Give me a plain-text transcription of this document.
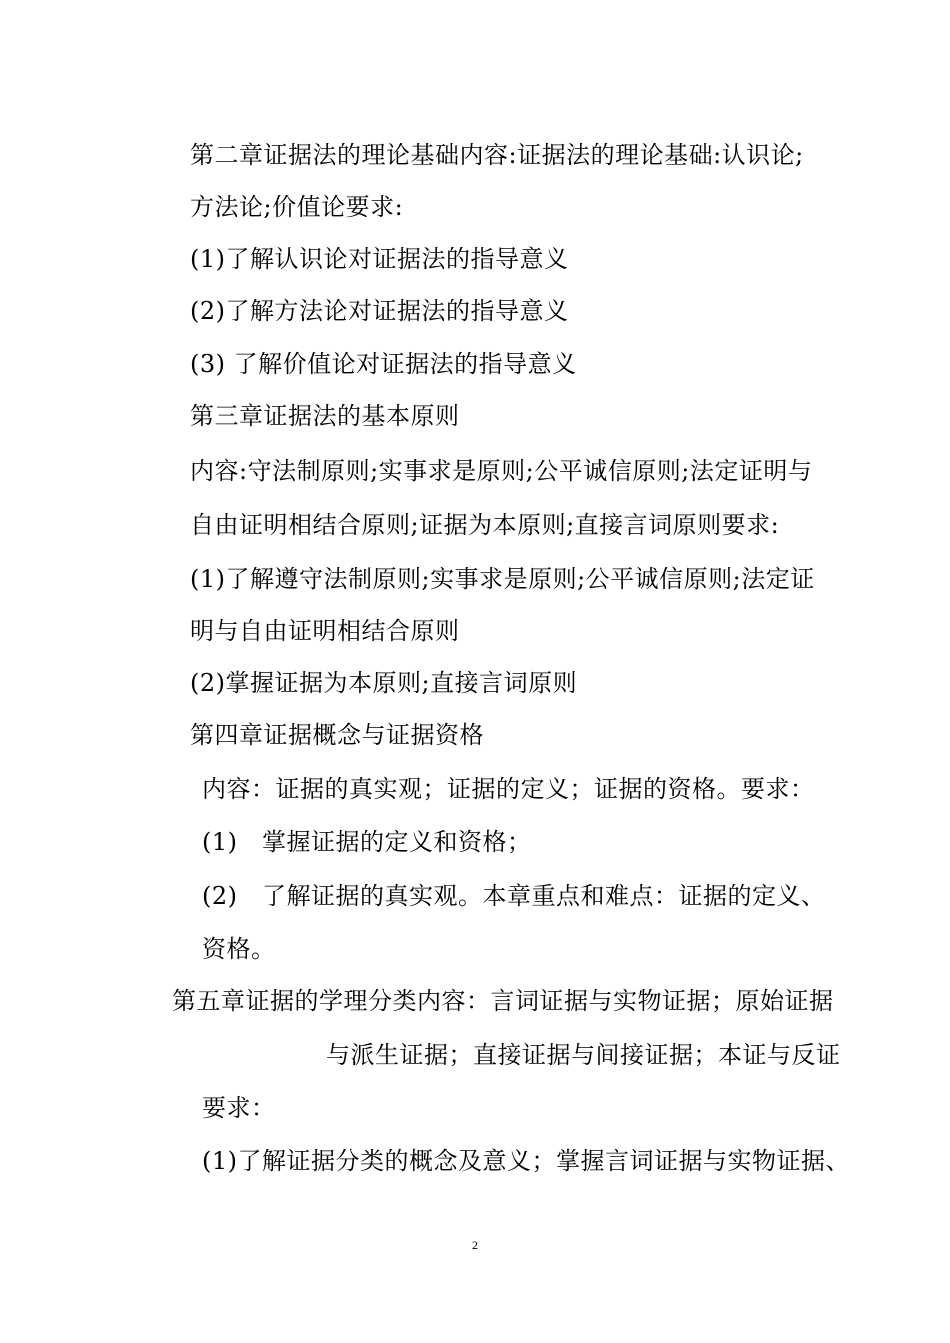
第二章证据法的理论基础内容:证据法的理论基础:认识论;
方法论;价值论要求:
(1)了解认识论对证据法的指导意义
(2)了解方法论对证据法的指导意义
(3) 了解价值论对证据法的指导意义
第三章证据法的基本原则
内容:守法制原则;实事求是原则;公平诚信原则;法定证明与
自由证明相结合原则;证据为本原则;直接言词原则要求:
(1)了解遵守法制原则;实事求是原则;公平诚信原则;法定证
明与自由证明相结合原则
(2)掌握证据为本原则;直接言词原则
第四章证据概念与证据资格
内容：证据的真实观；证据的定义；证据的资格。要求：
(1)　掌握证据的定义和资格；
(2)　了解证据的真实观。本章重点和难点：证据的定义、
资格。
第五章证据的学理分类内容：言词证据与实物证据；原始证据
与派生证据；直接证据与间接证据；本证与反证
要求：
(1)了解证据分类的概念及意义；掌握言词证据与实物证据、
2
